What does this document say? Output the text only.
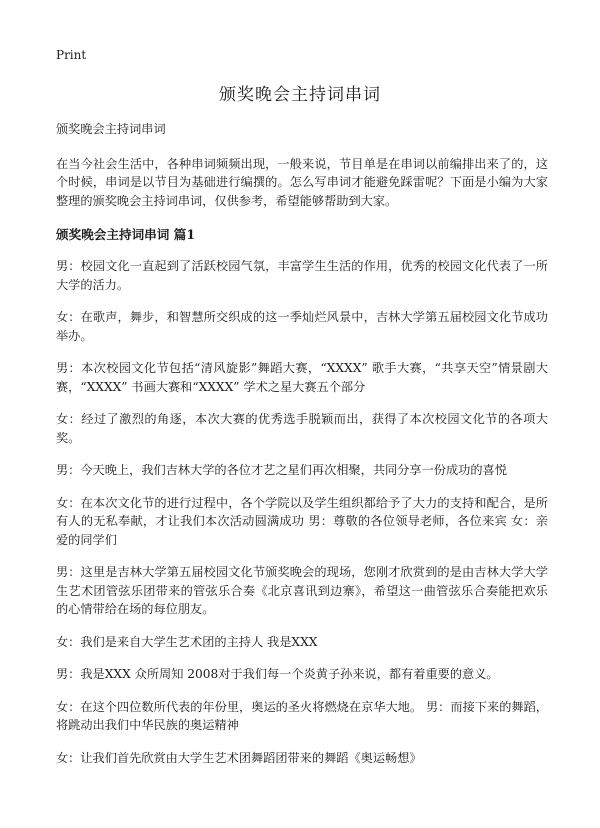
Print
颁奖晚会主持词串词

颁奖晚会主持词串词

在当今社会生活中，各种串词频频出现，一般来说，节目单是在串词以前编排出来了的，这个时候，串词是以节目为基础进行编撰的。怎么写串词才能避免踩雷呢？下面是小编为大家整理的颁奖晚会主持词串词，仅供参考，希望能够帮助到大家。

颁奖晚会主持词串词 篇1

男：校园文化一直起到了活跃校园气氛，丰富学生生活的作用，优秀的校园文化代表了一所大学的活力。

女：在歌声，舞步，和智慧所交织成的这一季灿烂风景中，吉林大学第五届校园文化节成功举办。

男：本次校园文化节包括“清风旋影”舞蹈大赛，“XXXX” 歌手大赛，“共享天空”情景剧大赛，“XXXX” 书画大赛和“XXXX” 学术之星大赛五个部分

女：经过了激烈的角逐，本次大赛的优秀选手脱颖而出，获得了本次校园文化节的各项大奖。

男：今天晚上，我们吉林大学的各位才艺之星们再次相聚，共同分享一份成功的喜悦

女：在本次文化节的进行过程中，各个学院以及学生组织都给予了大力的支持和配合，是所有人的无私奉献，才让我们本次活动圆满成功 男：尊敬的各位领导老师，各位来宾 女：亲爱的同学们

男：这里是吉林大学第五届校园文化节颁奖晚会的现场，您刚才欣赏到的是由吉林大学大学生艺术团管弦乐团带来的管弦乐合奏《北京喜讯到边寨》，希望这一曲管弦乐合奏能把欢乐的心情带给在场的每位朋友。

女：我们是来自大学生艺术团的主持人 我是XXX

男：我是XXX 众所周知 2008对于我们每一个炎黄子孙来说，都有着重要的意义。

女：在这个四位数所代表的年份里，奥运的圣火将燃烧在京华大地。 男：而接下来的舞蹈，将跳动出我们中华民族的奥运精神

女：让我们首先欣赏由大学生艺术团舞蹈团带来的舞蹈《奥运畅想》
